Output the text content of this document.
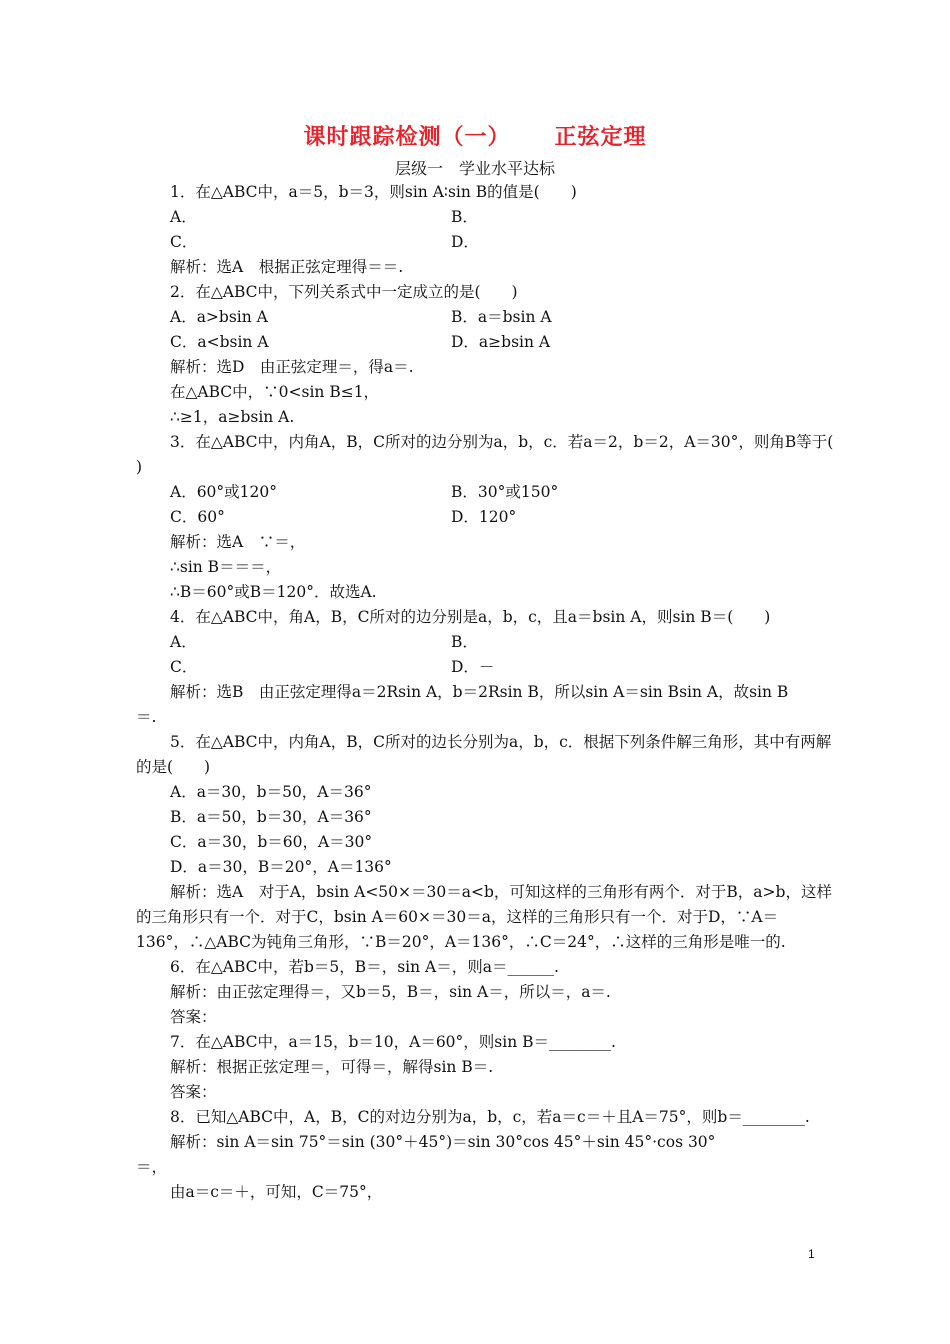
课时跟踪检测（一） 正弦定理
层级一　学业水平达标
1．在△ABC中，a＝5，b＝3，则sin A∶sin B的值是(　　)
A．	B．
C．	D．
解析：选A　根据正弦定理得＝＝.
2．在△ABC中，下列关系式中一定成立的是(　　)
A．a>bsin A	B．a＝bsin A
C．a<bsin A	D．a≥bsin A
解析：选D　由正弦定理＝，得a＝.
在△ABC中，∵0<sin B≤1，
∴≥1，a≥bsin A.
3．在△ABC中，内角A，B，C所对的边分别为a，b，c．若a＝2，b＝2，A＝30°，则角B等于(
)
A．60°或120°	B．30°或150°
C．60°	D．120°
解析：选A　∵＝，
∴sin B＝＝＝，
∴B＝60°或B＝120°．故选A.
4．在△ABC中，角A，B，C所对的边分别是a，b，c，且a＝bsin A，则sin B＝(　　)
A．	B．
C．	D．－
解析：选B　由正弦定理得a＝2Rsin A，b＝2Rsin B，所以sin A＝sin Bsin A，故sin B
＝.
5．在△ABC中，内角A，B，C所对的边长分别为a，b，c．根据下列条件解三角形，其中有两解
的是(　　)
A．a＝30，b＝50，A＝36°
B．a＝50，b＝30，A＝36°
C．a＝30，b＝60，A＝30°
D．a＝30，B＝20°，A＝136°
解析：选A　对于A，bsin A<50×＝30＝a<b，可知这样的三角形有两个．对于B，a>b，这样
的三角形只有一个．对于C，bsin A＝60×＝30＝a，这样的三角形只有一个．对于D，∵A＝
136°，∴△ABC为钝角三角形，∵B＝20°，A＝136°，∴C＝24°，∴这样的三角形是唯一的.
6．在△ABC中，若b＝5，B＝，sin A＝，则a＝______.
解析：由正弦定理得＝，又b＝5，B＝，sin A＝，所以＝，a＝.
答案：
7．在△ABC中，a＝15，b＝10，A＝60°，则sin B＝________.
解析：根据正弦定理＝，可得＝，解得sin B＝.
答案：
8．已知△ABC中，A，B，C的对边分别为a，b，c，若a＝c＝＋且A＝75°，则b＝________.
解析：sin A＝sin 75°＝sin (30°＋45°)＝sin 30°cos 45°＋sin 45°·cos 30°
＝，
由a＝c＝＋，可知，C＝75°，
1
